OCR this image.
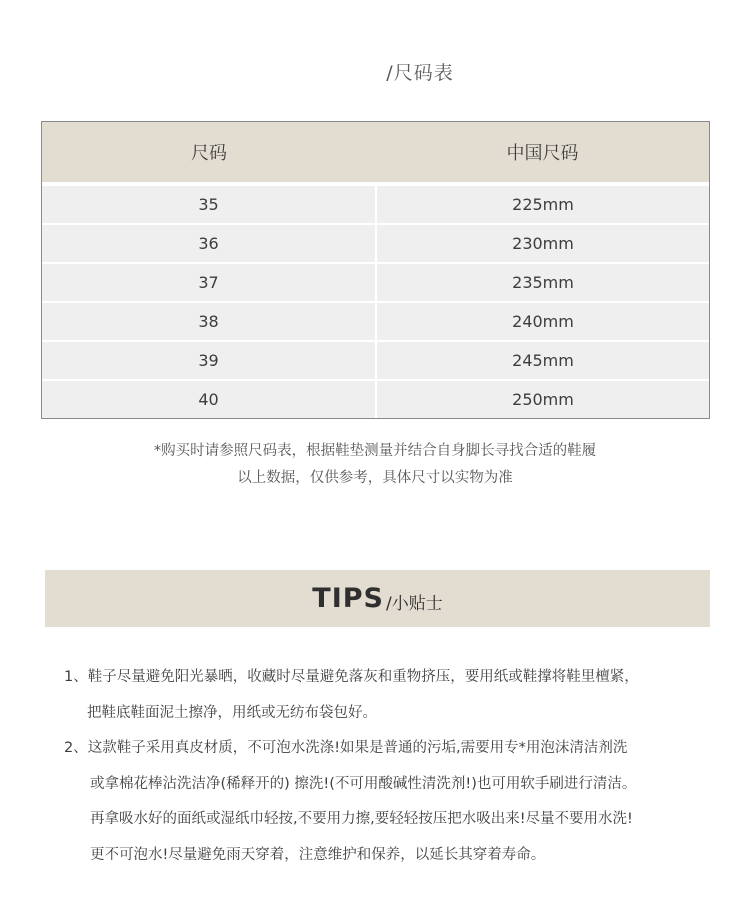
/尺码表
尺码	中国尺码
35	225mm
36	230mm
37	235mm
38	240mm
39	245mm
40	250mm
*购买时请参照尺码表，根据鞋垫测量并结合自身脚长寻找合适的鞋履
以上数据，仅供参考，具体尺寸以实物为准
TIPS /小贴士
1、鞋子尽量避免阳光暴晒，收藏时尽量避免落灰和重物挤压，要用纸或鞋撑将鞋里檀紧，
把鞋底鞋面泥土擦净，用纸或无纺布袋包好。
2、这款鞋子采用真皮材质，不可泡水洗涤!如果是普通的污垢,需要用专*用泡沫清洁剂洗
或拿棉花棒沾洗洁净(稀释开的) 擦洗!(不可用酸碱性清洗剂!)也可用软手刷进行清洁。
再拿吸水好的面纸或湿纸巾轻按,不要用力擦,要轻轻按压把水吸出来!尽量不要用水洗!
更不可泡水!尽量避免雨天穿着，注意维护和保养，以延长其穿着寿命。
